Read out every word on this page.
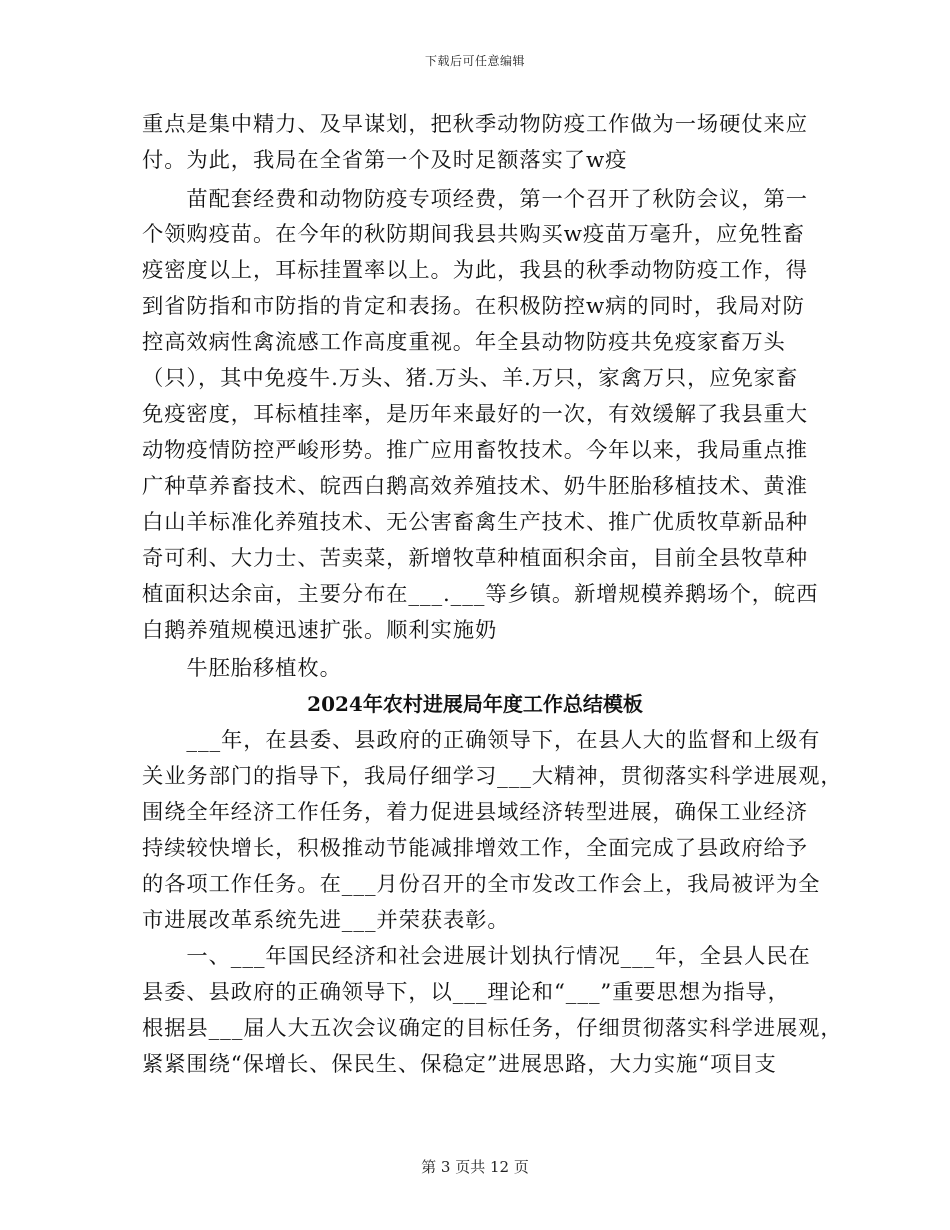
下载后可任意编辑
重点是集中精力、及早谋划，把秋季动物防疫工作做为一场硬仗来应
付。为此，我局在全省第一个及时足额落实了w疫
　　苗配套经费和动物防疫专项经费，第一个召开了秋防会议，第一
个领购疫苗。在今年的秋防期间我县共购买w疫苗万毫升，应免牲畜
疫密度以上，耳标挂置率以上。为此，我县的秋季动物防疫工作，得
到省防指和市防指的肯定和表扬。在积极防控w病的同时，我局对防
控高效病性禽流感工作高度重视。年全县动物防疫共免疫家畜万头
（只），其中免疫牛.万头、猪.万头、羊.万只，家禽万只，应免家畜
免疫密度，耳标植挂率，是历年来最好的一次，有效缓解了我县重大
动物疫情防控严峻形势。推广应用畜牧技术。今年以来，我局重点推
广种草养畜技术、皖西白鹅高效养殖技术、奶牛胚胎移植技术、黄淮
白山羊标准化养殖技术、无公害畜禽生产技术、推广优质牧草新品种
奇可利、大力士、苦卖菜，新增牧草种植面积余亩，目前全县牧草种
植面积达余亩，主要分布在___.___等乡镇。新增规模养鹅场个，皖西
白鹅养殖规模迅速扩张。顺利实施奶
　　牛胚胎移植枚。
2024年农村进展局年度工作总结模板
　　___年，在县委、县政府的正确领导下，在县人大的监督和上级有
关业务部门的指导下，我局仔细学习___大精神，贯彻落实科学进展观，
围绕全年经济工作任务，着力促进县域经济转型进展，确保工业经济
持续较快增长，积极推动节能减排增效工作，全面完成了县政府给予
的各项工作任务。在___月份召开的全市发改工作会上，我局被评为全
市进展改革系统先进___并荣获表彰。
　　一、___年国民经济和社会进展计划执行情况___年，全县人民在
县委、县政府的正确领导下，以___理论和“___”重要思想为指导，
根据县___届人大五次会议确定的目标任务，仔细贯彻落实科学进展观，
紧紧围绕“保增长、保民生、保稳定”进展思路，大力实施“项目支
第 3 页共 12 页
